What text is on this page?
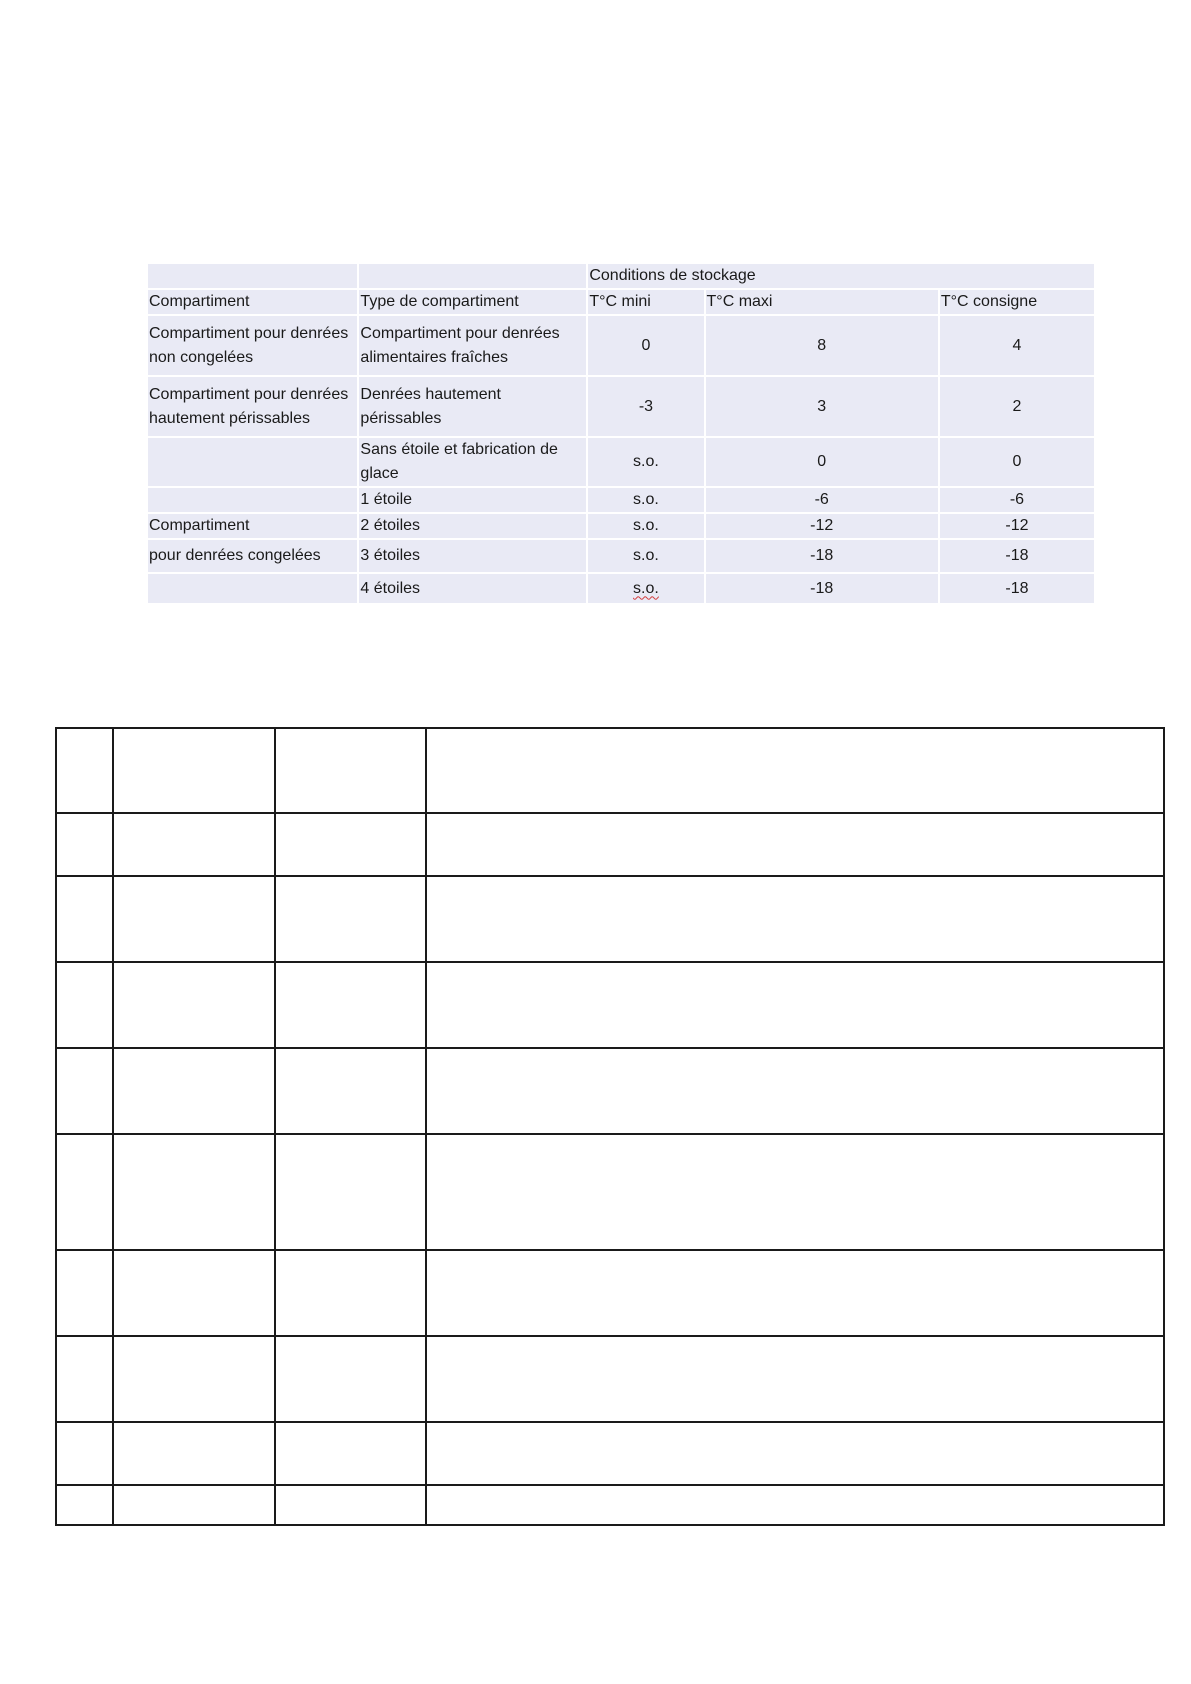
		Conditions de stockage		
Compartiment	Type de compartiment	T°C mini	T°C maxi	T°C consigne
Compartiment pour denrées non congelées	Compartiment pour denrées alimentaires fraîches	0	8	4
Compartiment pour denrées hautement périssables	Denrées hautement périssables	-3	3	2
	Sans étoile et fabrication de glace	s.o.	0	0
	1 étoile	s.o.	-6	-6
Compartiment	2 étoiles	s.o.	-12	-12
pour denrées congelées	3 étoiles	s.o.	-18	-18
	4 étoiles	s.o.	-18	-18
